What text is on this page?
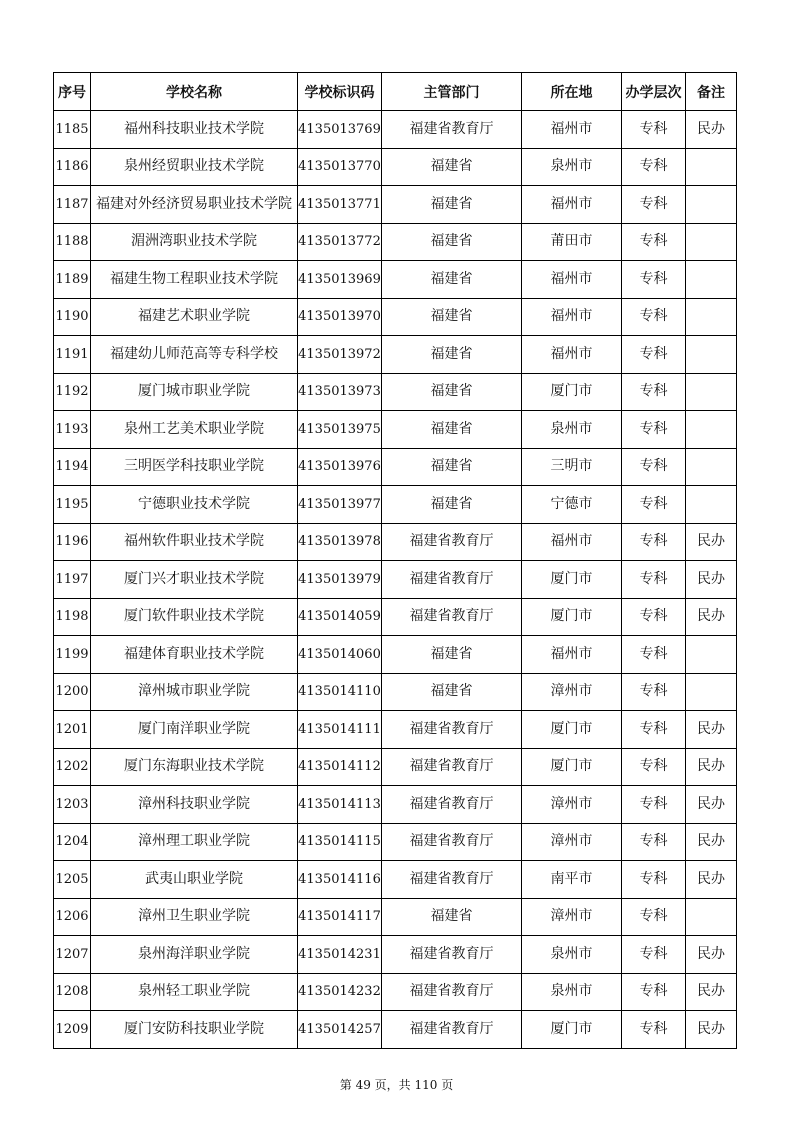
序号	学校名称	学校标识码	主管部门	所在地	办学层次	备注
1185	福州科技职业技术学院	4135013769	福建省教育厅	福州市	专科	民办
1186	泉州经贸职业技术学院	4135013770	福建省	泉州市	专科	
1187	福建对外经济贸易职业技术学院	4135013771	福建省	福州市	专科	
1188	湄洲湾职业技术学院	4135013772	福建省	莆田市	专科	
1189	福建生物工程职业技术学院	4135013969	福建省	福州市	专科	
1190	福建艺术职业学院	4135013970	福建省	福州市	专科	
1191	福建幼儿师范高等专科学校	4135013972	福建省	福州市	专科	
1192	厦门城市职业学院	4135013973	福建省	厦门市	专科	
1193	泉州工艺美术职业学院	4135013975	福建省	泉州市	专科	
1194	三明医学科技职业学院	4135013976	福建省	三明市	专科	
1195	宁德职业技术学院	4135013977	福建省	宁德市	专科	
1196	福州软件职业技术学院	4135013978	福建省教育厅	福州市	专科	民办
1197	厦门兴才职业技术学院	4135013979	福建省教育厅	厦门市	专科	民办
1198	厦门软件职业技术学院	4135014059	福建省教育厅	厦门市	专科	民办
1199	福建体育职业技术学院	4135014060	福建省	福州市	专科	
1200	漳州城市职业学院	4135014110	福建省	漳州市	专科	
1201	厦门南洋职业学院	4135014111	福建省教育厅	厦门市	专科	民办
1202	厦门东海职业技术学院	4135014112	福建省教育厅	厦门市	专科	民办
1203	漳州科技职业学院	4135014113	福建省教育厅	漳州市	专科	民办
1204	漳州理工职业学院	4135014115	福建省教育厅	漳州市	专科	民办
1205	武夷山职业学院	4135014116	福建省教育厅	南平市	专科	民办
1206	漳州卫生职业学院	4135014117	福建省	漳州市	专科	
1207	泉州海洋职业学院	4135014231	福建省教育厅	泉州市	专科	民办
1208	泉州轻工职业学院	4135014232	福建省教育厅	泉州市	专科	民办
1209	厦门安防科技职业学院	4135014257	福建省教育厅	厦门市	专科	民办
第 49 页，共 110 页
